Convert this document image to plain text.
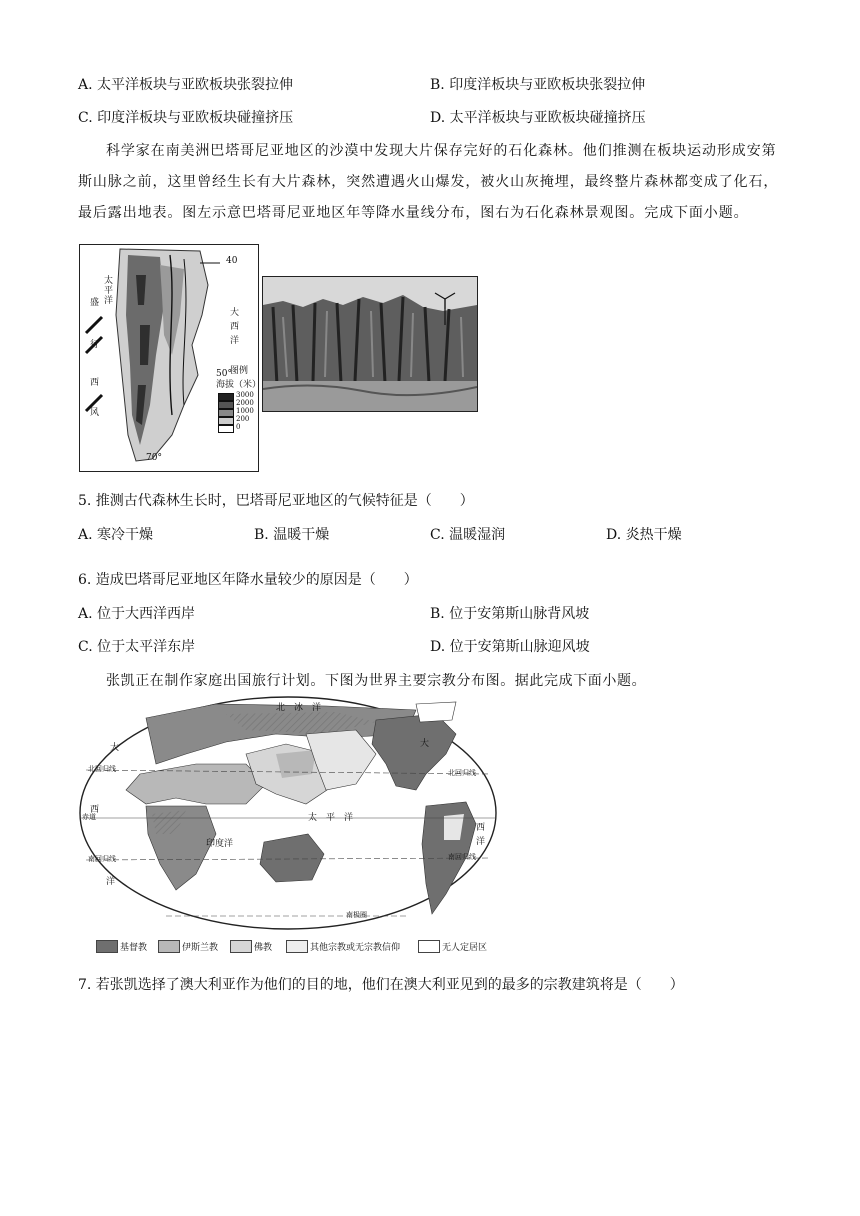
A. 太平洋板块与亚欧板块张裂拉伸	B. 印度洋板块与亚欧板块张裂拉伸
C. 印度洋板块与亚欧板块碰撞挤压	D. 太平洋板块与亚欧板块碰撞挤压
科学家在南美洲巴塔哥尼亚地区的沙漠中发现大片保存完好的石化森林。他们推测在板块运动形成安第斯山脉之前，这里曾经生长有大片森林，突然遭遇火山爆发，被火山灰掩埋，最终整片森林都变成了化石，最后露出地表。图左示意巴塔哥尼亚地区年等降水量线分布，图右为石化森林景观图。完成下面小题。
40
50°
70°
太
平
洋
盛
行
西
风
大
西
洋
图例
海拔（米）
3000
2000
1000
200
0
5. 推测古代森林生长时，巴塔哥尼亚地区的气候特征是（　　）
A. 寒冷干燥	B. 温暖干燥	C. 温暖湿润	D. 炎热干燥
6. 造成巴塔哥尼亚地区年降水量较少的原因是（　　）
A. 位于大西洋西岸	B. 位于安第斯山脉背风坡
C. 位于太平洋东岸	D. 位于安第斯山脉迎风坡
张凯正在制作家庭出国旅行计划。下图为世界主要宗教分布图。据此完成下面小题。
北　冰　洋
太　平　洋
印度洋
大
西
洋
大
西
洋
北回归线	北回归线
赤道
南回归线	南回归线
南极圈
基督教	伊斯兰教	佛教	其他宗教或无宗教信仰	无人定居区
7. 若张凯选择了澳大利亚作为他们的目的地，他们在澳大利亚见到的最多的宗教建筑将是（　　）
